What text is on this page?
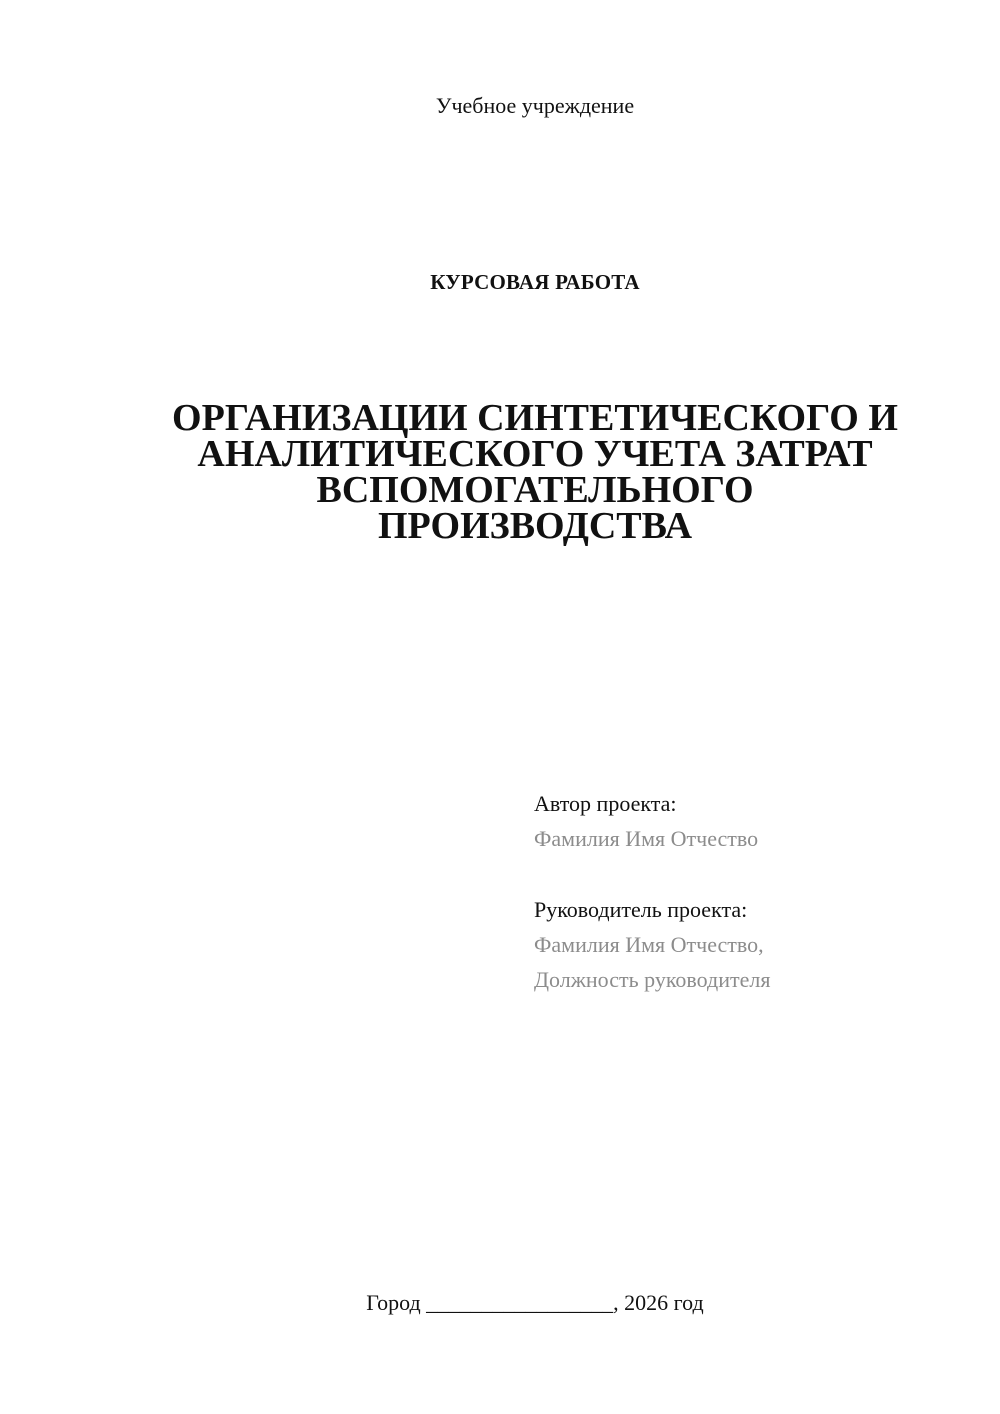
Учебное учреждение
КУРСОВАЯ РАБОТА
ОРГАНИЗАЦИИ СИНТЕТИЧЕСКОГО И
АНАЛИТИЧЕСКОГО УЧЕТА ЗАТРАТ
ВСПОМОГАТЕЛЬНОГО
ПРОИЗВОДСТВА
Автор проекта:
Фамилия Имя Отчество
Руководитель проекта:
Фамилия Имя Отчество,
Должность руководителя
Город _________________, 2026 год
